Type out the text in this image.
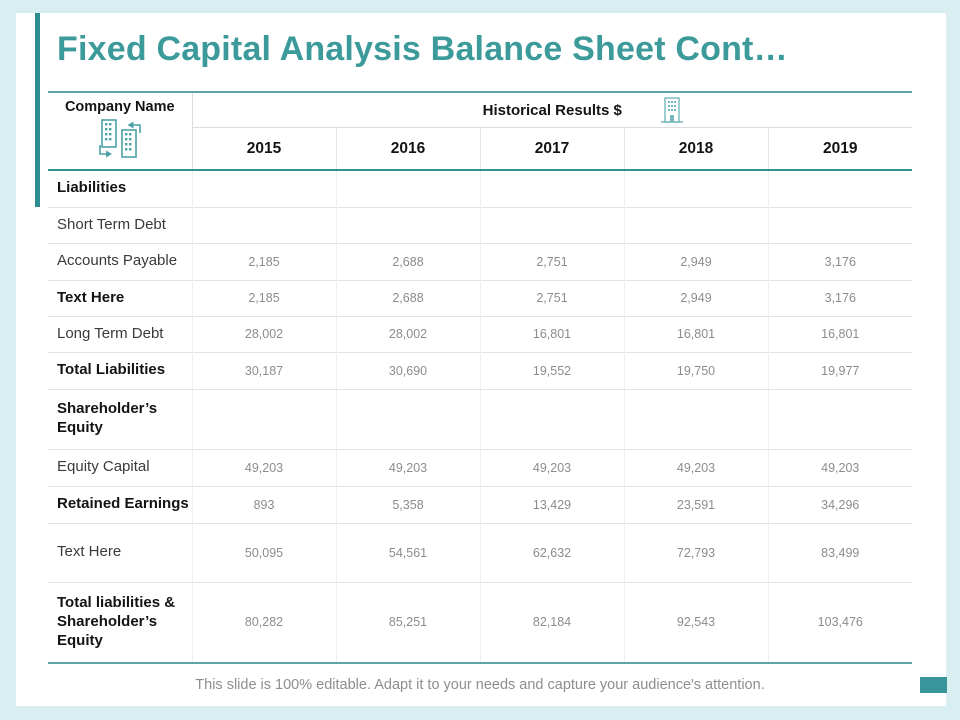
Fixed Capital Analysis Balance Sheet Cont…
Company Name	Historical Results $				

	2015	2016	2017	2018	2019
Liabilities					
Short Term Debt					
Accounts Payable	2,185	2,688	2,751	2,949	3,176
Text Here	2,185	2,688	2,751	2,949	3,176
Long Term Debt	28,002	28,002	16,801	16,801	16,801
Total Liabilities	30,187	30,690	19,552	19,750	19,977
Shareholder’s Equity					
Equity Capital	49,203	49,203	49,203	49,203	49,203
Retained Earnings	893	5,358	13,429	23,591	34,296
Text Here	50,095	54,561	62,632	72,793	83,499
Total liabilities & Shareholder’s Equity	80,282	85,251	82,184	92,543	103,476
This slide is 100% editable. Adapt it to your needs and capture your audience's attention.
